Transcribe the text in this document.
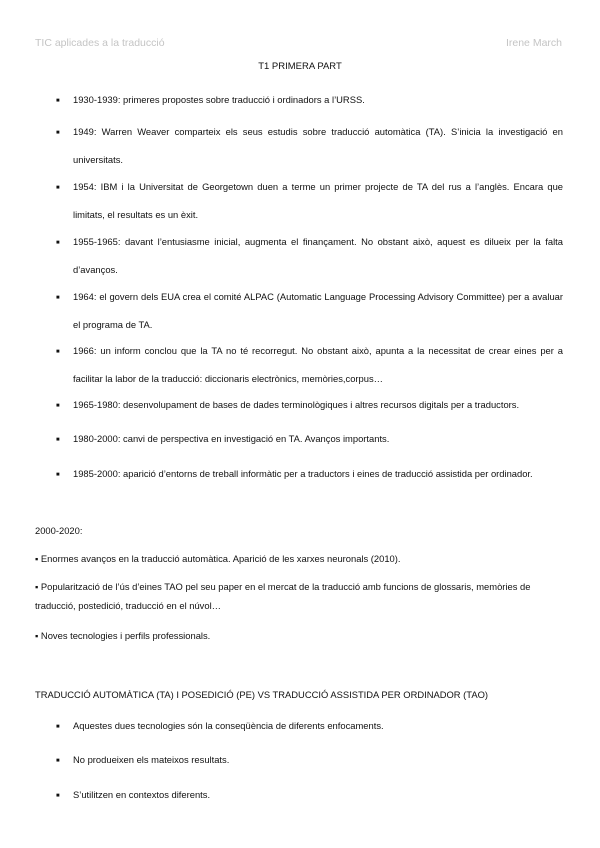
TIC aplicades a la traducció	Irene March
T1 PRIMERA PART
■ 1930-1939: primeres propostes sobre traducció i ordinadors a l’URSS.
■ 1949: Warren Weaver comparteix els seus estudis sobre traducció automàtica (TA). S’inicia la investigació en universitats.
■ 1954: IBM i la Universitat de Georgetown duen a terme un primer projecte de TA del rus a l’anglès. Encara que limitats, el resultats es un èxit.
■ 1955-1965: davant l’entusiasme inicial, augmenta el finançament. No obstant això, aquest es dilueix per la falta d’avanços.
■ 1964: el govern dels EUA crea el comité ALPAC (Automatic Language Processing Advisory Committee) per a avaluar el programa de TA.
■ 1966: un inform conclou que la TA no té recorregut. No obstant això, apunta a la necessitat de crear eines per a facilitar la labor de la traducció: diccionaris electrònics, memòries,corpus…
■ 1965-1980: desenvolupament de bases de dades terminològiques i altres recursos digitals per a traductors.
■ 1980-2000: canvi de perspectiva en investigació en TA. Avanços importants.
■ 1985-2000: aparició d’entorns de treball informàtic per a traductors i eines de traducció assistida per ordinador.
2000-2020:
▪ Enormes avanços en la traducció automàtica. Aparició de les xarxes neuronals (2010).
▪ Popularització de l’ús d’eines TAO pel seu paper en el mercat de la traducció amb funcions de glossaris, memòries de traducció, postedició, traducció en el núvol…
▪ Noves tecnologies i perfils professionals.
TRADUCCIÓ AUTOMÀTICA (TA) I POSEDICIÓ (PE) VS TRADUCCIÓ ASSISTIDA PER ORDINADOR (TAO)
■ Aquestes dues tecnologies són la conseqüència de diferents enfocaments.
■ No produeixen els mateixos resultats.
■ S’utilitzen en contextos diferents.
